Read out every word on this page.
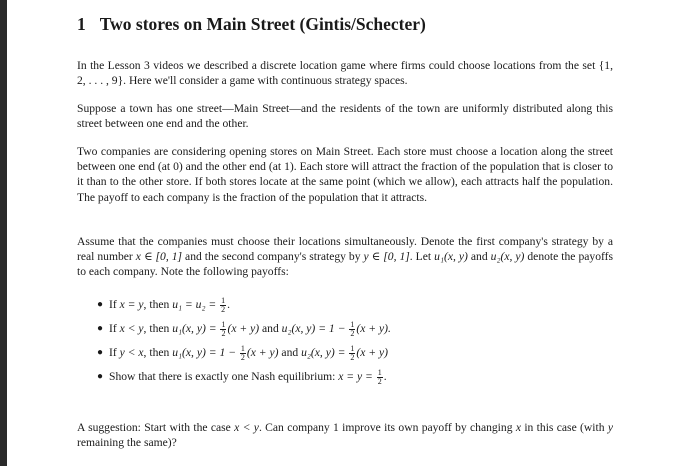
1 Two stores on Main Street (Gintis/Schecter)

In the Lesson 3 videos we described a discrete location game where firms could choose locations from the set {1, 2, . . . , 9}. Here we'll consider a game with continuous strategy spaces.

Suppose a town has one street—Main Street—and the residents of the town are uniformly distributed along this street between one end and the other.

Two companies are considering opening stores on Main Street. Each store must choose a location along the street between one end (at 0) and the other end (at 1). Each store will attract the fraction of the population that is closer to it than to the other store. If both stores locate at the same point (which we allow), each attracts half the population. The payoff to each company is the fraction of the population that it attracts.

Assume that the companies must choose their locations simultaneously. Denote the first company's strategy by a real number x ∈ [0, 1] and the second company's strategy by y ∈ [0, 1]. Let u₁(x, y) and u₂(x, y) denote the payoffs to each company. Note the following payoffs:

● If x = y, then $u_1 = u_2 = \frac{1}{2}$ .
● If x < y, then u₁(x, $y) = \frac{1}{2} (x + y)$ and u₂(x, $y) = 1 - \frac{1}{2} (x + y)$.
● If y < x, then u₁(x, $y) = 1 - \frac{1}{2} (x + y)$ and u₂(x, $y) = \frac{1}{2} (x + y)$
● Show that there is exactly one Nash equilibrium: $x = y = \frac{1}{2}$ .

A suggestion: Start with the case x < y. Can company 1 improve its own payoff by changing x in this case (with y remaining the same)?
